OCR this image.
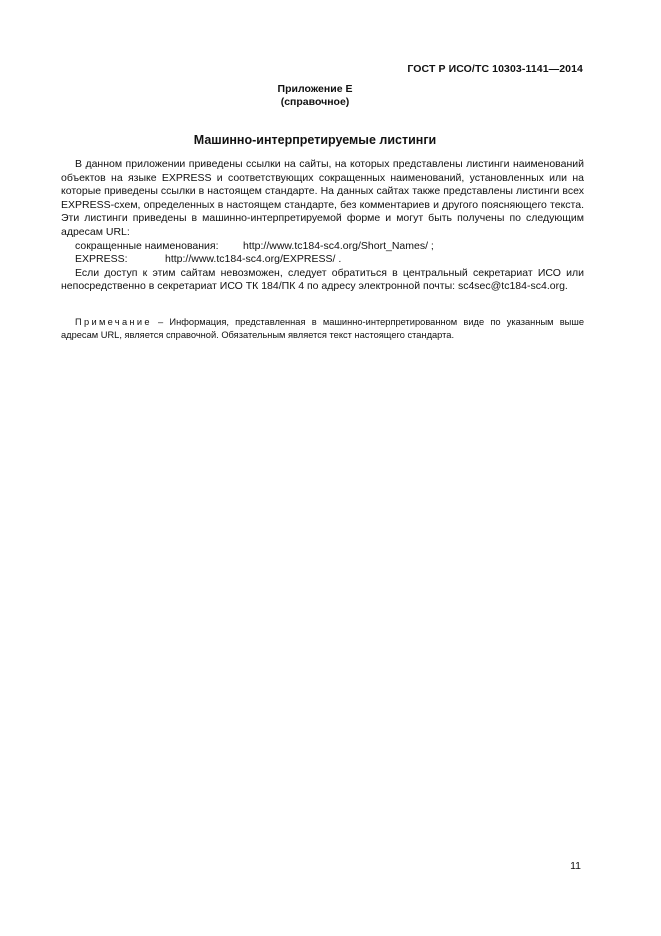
ГОСТ Р ИСО/ТС 10303-1141—2014
Приложение Е
(справочное)
Машинно-интерпретируемые листинги

В данном приложении приведены ссылки на сайты, на которых представлены листинги наименований объектов на языке EXPRESS и соответствующих сокращенных наименований, установленных или на которые приведены ссылки в настоящем стандарте. На данных сайтах также представлены листинги всех EXPRESS-схем, определенных в настоящем стандарте, без комментариев и другого поясняющего текста. Эти листинги приведены в машинно-интерпретируемой форме и могут быть получены по следующим адресам URL:

сокращенные наименования: http://www.tc184-sc4.org/Short_Names/ ;
EXPRESS:	http://www.tc184-sc4.org/EXPRESS/ .

Если доступ к этим сайтам невозможен, следует обратиться в центральный секретариат ИСО или непосредственно в секретариат ИСО ТК 184/ПК 4 по адресу электронной почты: sc4sec@tc184-sc4.org.

Примечание – Информация, представленная в машинно-интерпретированном виде по указанным выше адресам URL, является справочной. Обязательным является текст настоящего стандарта.
11
